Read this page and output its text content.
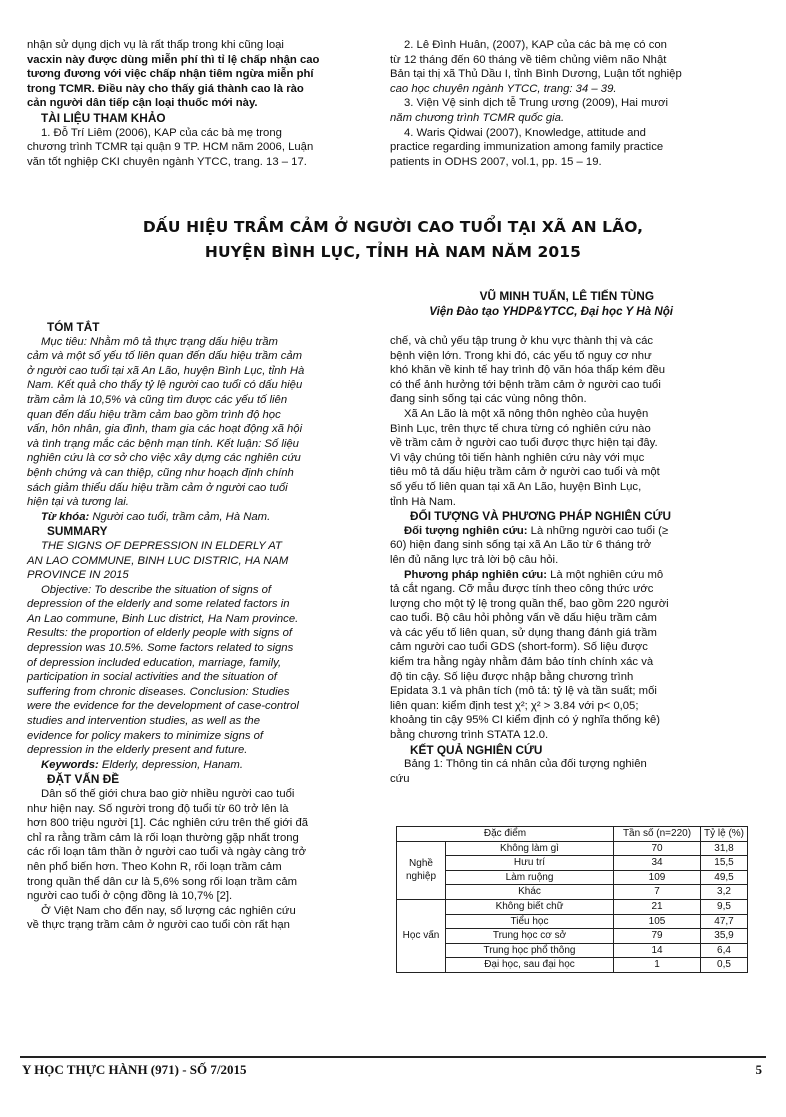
nhận sử dụng dịch vụ là rất thấp trong khi cũng loại

vacxin này được dùng miễn phí thì tỉ lệ chấp nhận cao

tương đương với việc chấp nhận tiêm ngừa miễn phí

trong TCMR. Điều này cho thấy giá thành cao là rào

cản người dân tiếp cận loại thuốc mới này.

TÀI LIỆU THAM KHẢO

1. Đỗ Trí Liêm (2006), KAP của các bà mẹ trong

chương trình TCMR tại quận 9 TP. HCM năm 2006, Luận

văn tốt nghiệp CKI chuyên ngành YTCC, trang. 13 – 17.

2. Lê Đình Huân, (2007), KAP của các bà mẹ có con

từ 12 tháng đến 60 tháng về tiêm chủng viêm não Nhật

Bản tại thị xã Thủ Dầu I, tỉnh Bình Dương, Luận tốt nghiệp

cao học chuyên ngành YTCC, trang: 34 – 39.

3. Viện Vệ sinh dịch tễ Trung ương (2009), Hai mươi

năm chương trình TCMR quốc gia.

4. Waris Qidwai (2007), Knowledge, attitude and

practice regarding immunization among family practice

patients in ODHS 2007, vol.1, pp. 15 – 19.

DẤU HIỆU TRẦM CẢM Ở NGƯỜI CAO TUỔI TẠI XÃ AN LÃO,
HUYỆN BÌNH LỤC, TỈNH HÀ NAM NĂM 2015
VŨ MINH TUẤN, LÊ TIẾN TÙNG
Viện Đào tạo YHDP&YTCC, Đại học Y Hà Nội

TÓM TẮT

Mục tiêu: Nhằm mô tả thực trạng dấu hiệu trầm

cảm và một số yếu tố liên quan đến dấu hiệu trầm cảm

ở người cao tuổi tại xã An Lão, huyện Bình Lục, tỉnh Hà

Nam. Kết quả cho thấy tỷ lệ người cao tuổi có dấu hiệu

trầm cảm là 10,5% và cũng tìm được các yếu tố liên

quan đến dấu hiệu trầm cảm bao gồm trình độ học

vấn, hôn nhân, gia đình, tham gia các hoạt động xã hội

và tình trạng mắc các bệnh mạn tính. Kết luận: Số liệu

nghiên cứu là cơ sở cho việc xây dựng các nghiên cứu

bệnh chứng và can thiệp, cũng như hoạch định chính

sách giảm thiểu dấu hiệu trầm cảm ở người cao tuổi

hiện tại và tương lai.

Từ khóa: Người cao tuổi, trầm cảm, Hà Nam.

SUMMARY

THE SIGNS OF DEPRESSION IN ELDERLY AT

AN LAO COMMUNE, BINH LUC DISTRIC, HA NAM

PROVINCE IN 2015

Objective: To describe the situation of signs of

depression of the elderly and some related factors in

An Lao commune, Binh Luc district, Ha Nam province.

Results: the proportion of elderly people with signs of

depression was 10.5%. Some factors related to signs

of depression included education, marriage, family,

participation in social activities and the situation of

suffering from chronic diseases. Conclusion: Studies

were the evidence for the development of case-control

studies and intervention studies, as well as the

evidence for policy makers to minimize signs of

depression in the elderly present and future.

Keywords: Elderly, depression, Hanam.

ĐẶT VẤN ĐỀ

Dân số thế giới chưa bao giờ nhiều người cao tuổi

như hiện nay. Số người trong độ tuổi từ 60 trở lên là

hơn 800 triệu người [1]. Các nghiên cứu trên thế giới đã

chỉ ra rằng trầm cảm là rối loạn thường gặp nhất trong

các rối loạn tâm thần ở người cao tuổi và ngày càng trở

nên phổ biến hơn. Theo Kohn R, rối loạn trầm cảm

trong quần thể dân cư là 5,6% song rối loạn trầm cảm

người cao tuổi ở cộng đồng là 10,7% [2].

Ở Việt Nam cho đến nay, số lượng các nghiên cứu

về thực trạng trầm cảm ở người cao tuổi còn rất hạn

chế, và chủ yếu tập trung ở khu vực thành thị và các

bệnh viện lớn. Trong khi đó, các yếu tố nguy cơ như

khó khăn về kinh tế hay trình độ văn hóa thấp kém đều

có thể ảnh hưởng tới bệnh trầm cảm ở người cao tuổi

đang sinh sống tại các vùng nông thôn.

Xã An Lão là một xã nông thôn nghèo của huyện

Bình Lục, trên thực tế chưa từng có nghiên cứu nào

về trầm cảm ở người cao tuổi được thực hiện tại đây.

Vì vậy chúng tôi tiến hành nghiên cứu này với mục

tiêu mô tả dấu hiệu trầm cảm ở người cao tuổi và một

số yếu tố liên quan tại xã An Lão, huyện Bình Lục,

tỉnh Hà Nam.

ĐỐI TƯỢNG VÀ PHƯƠNG PHÁP NGHIÊN CỨU

Đối tượng nghiên cứu: Là những người cao tuổi (≥

60) hiện đang sinh sống tại xã An Lão từ 6 tháng trở

lên đủ năng lực trả lời bộ câu hỏi.

Phương pháp nghiên cứu: Là một nghiên cứu mô

tả cắt ngang. Cỡ mẫu được tính theo công thức ước

lượng cho một tỷ lệ trong quần thể, bao gồm 220 người

cao tuổi. Bộ câu hỏi phỏng vấn về dấu hiệu trầm cảm

và các yếu tố liên quan, sử dụng thang đánh giá trầm

cảm người cao tuổi GDS (short-form). Số liệu được

kiểm tra hằng ngày nhằm đảm bảo tính chính xác và

độ tin cậy. Số liệu được nhập bằng chương trình

Epidata 3.1 và phân tích (mô tả: tỷ lệ và tần suất; mối

liên quan: kiểm định test χ²; χ² > 3.84 với p< 0,05;

khoảng tin cậy 95% CI kiểm định có ý nghĩa thống kê)

bằng chương trình STATA 12.0.

KẾT QUẢ NGHIÊN CỨU

Bảng 1: Thông tin cá nhân của đối tượng nghiên

cứu

Đặc điểm		Tần số (n=220)	Tỷ lệ (%)
Nghề nghiệp	Không làm gì	70	31,8
	Hưu trí	34	15,5
	Làm ruộng	109	49,5
	Khác	7	3,2
Học vấn	Không biết chữ	21	9,5
	Tiểu học	105	47,7
	Trung học cơ sở	79	35,9
	Trung học phổ thông	14	6,4
	Đại học, sau đại học	1	0,5
Y HỌC THỰC HÀNH (971) - SỐ 7/2015	5
